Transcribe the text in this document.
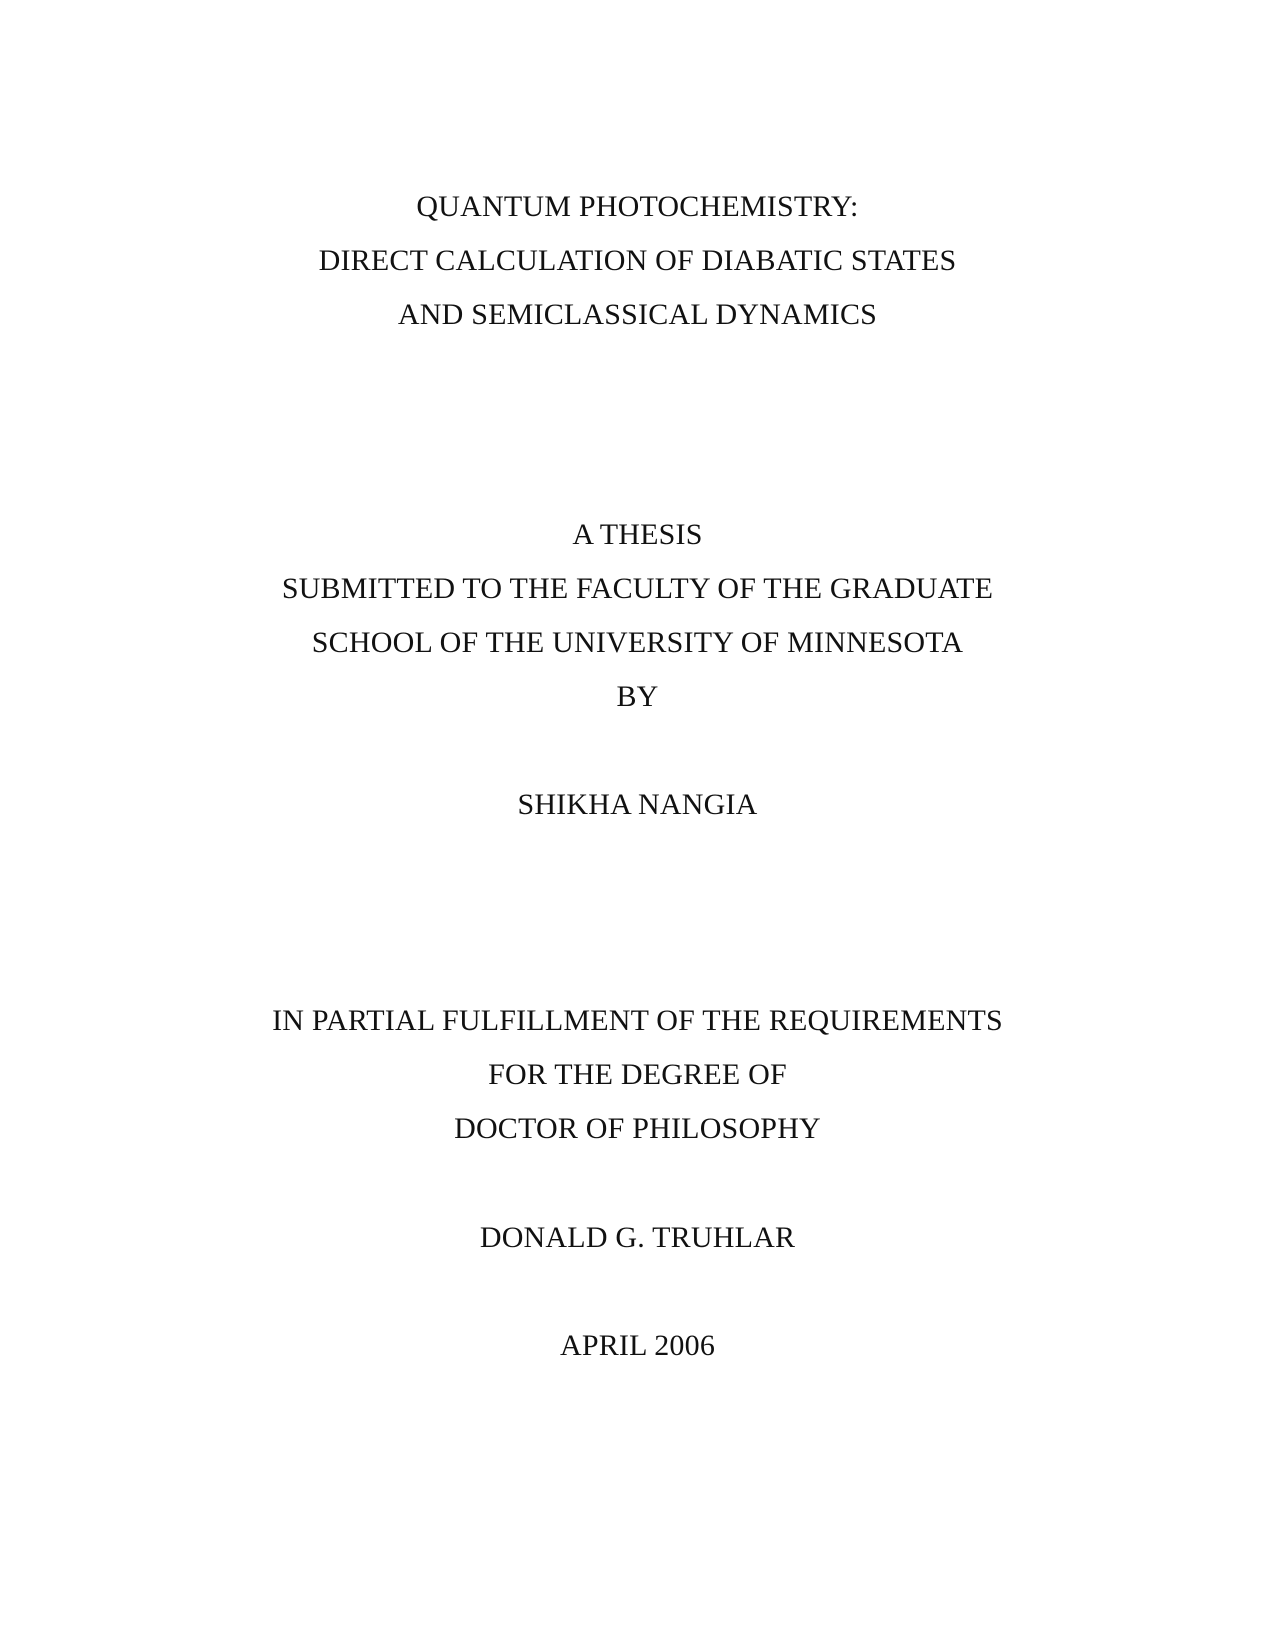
QUANTUM PHOTOCHEMISTRY:
DIRECT CALCULATION OF DIABATIC STATES
AND SEMICLASSICAL DYNAMICS
A THESIS
SUBMITTED TO THE FACULTY OF THE GRADUATE
SCHOOL OF THE UNIVERSITY OF MINNESOTA
BY
SHIKHA NANGIA
IN PARTIAL FULFILLMENT OF THE REQUIREMENTS
FOR THE DEGREE OF
DOCTOR OF PHILOSOPHY
DONALD G. TRUHLAR
APRIL 2006
